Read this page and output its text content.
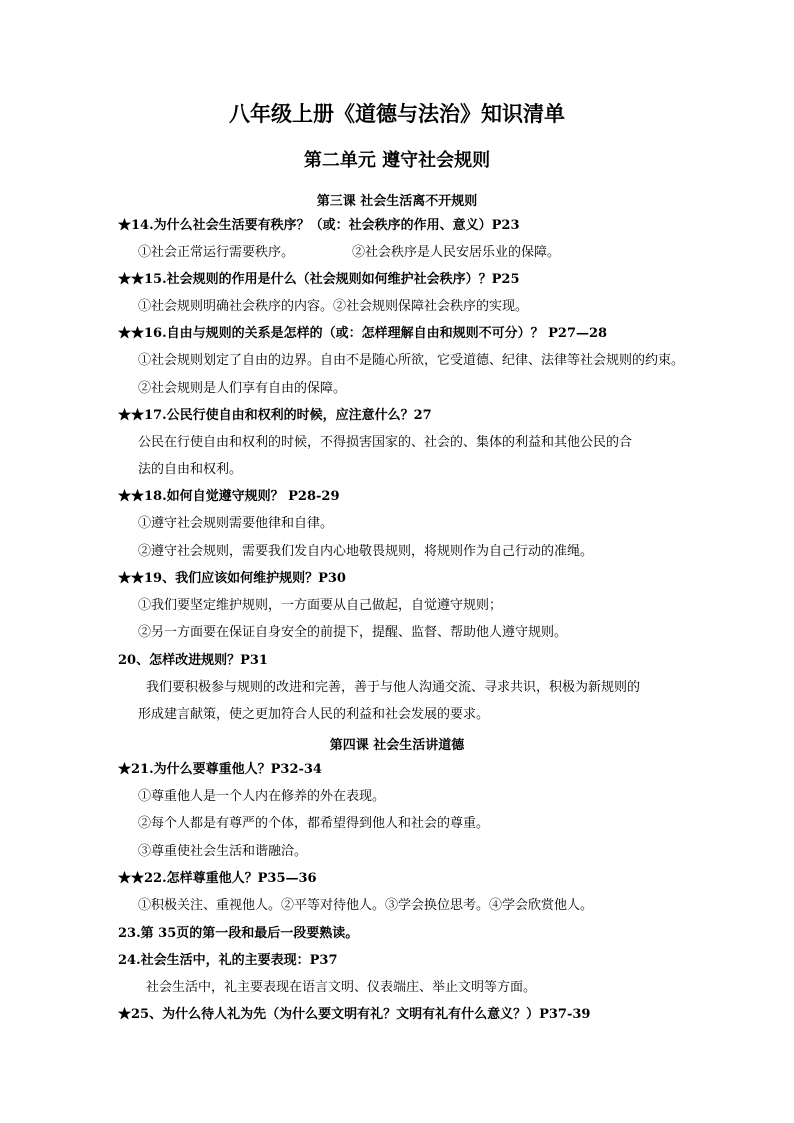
八年级上册《道德与法治》知识清单
第二单元 遵守社会规则
第三课 社会生活离不开规则
★14.为什么社会生活要有秩序？（或：社会秩序的作用、意义）P23
①社会正常运行需要秩序。	②社会秩序是人民安居乐业的保障。
★★15.社会规则的作用是什么（社会规则如何维护社会秩序）？P25
①社会规则明确社会秩序的内容。②社会规则保障社会秩序的实现。
★★16.自由与规则的关系是怎样的（或：怎样理解自由和规则不可分）？ P27—28
①社会规则划定了自由的边界。自由不是随心所欲，它受道德、纪律、法律等社会规则的约束。
②社会规则是人们享有自由的保障。
★★17.公民行使自由和权利的时候，应注意什么？27
公民在行使自由和权利的时候，不得损害国家的、社会的、集体的利益和其他公民的合
法的自由和权利。
★★18.如何自觉遵守规则？ P28-29
①遵守社会规则需要他律和自律。
②遵守社会规则，需要我们发自内心地敬畏规则，将规则作为自己行动的准绳。
★★19、我们应该如何维护规则？P30
①我们要坚定维护规则，一方面要从自己做起，自觉遵守规则；
②另一方面要在保证自身安全的前提下，提醒、监督、帮助他人遵守规则。
20、怎样改进规则？P31
我们要积极参与规则的改进和完善，善于与他人沟通交流、寻求共识，积极为新规则的
形成建言献策，使之更加符合人民的利益和社会发展的要求。
第四课 社会生活讲道德
★21.为什么要尊重他人？P32-34
①尊重他人是一个人内在修养的外在表现。
②每个人都是有尊严的个体，都希望得到他人和社会的尊重。
③尊重使社会生活和谐融洽。
★★22.怎样尊重他人？P35—36
①积极关注、重视他人。②平等对待他人。③学会换位思考。④学会欣赏他人。
23.第 35页的第一段和最后一段要熟读。
24.社会生活中，礼的主要表现：P37
社会生活中，礼主要表现在语言文明、仪表端庄、举止文明等方面。
★25、为什么待人礼为先（为什么要文明有礼？文明有礼有什么意义？）P37-39
